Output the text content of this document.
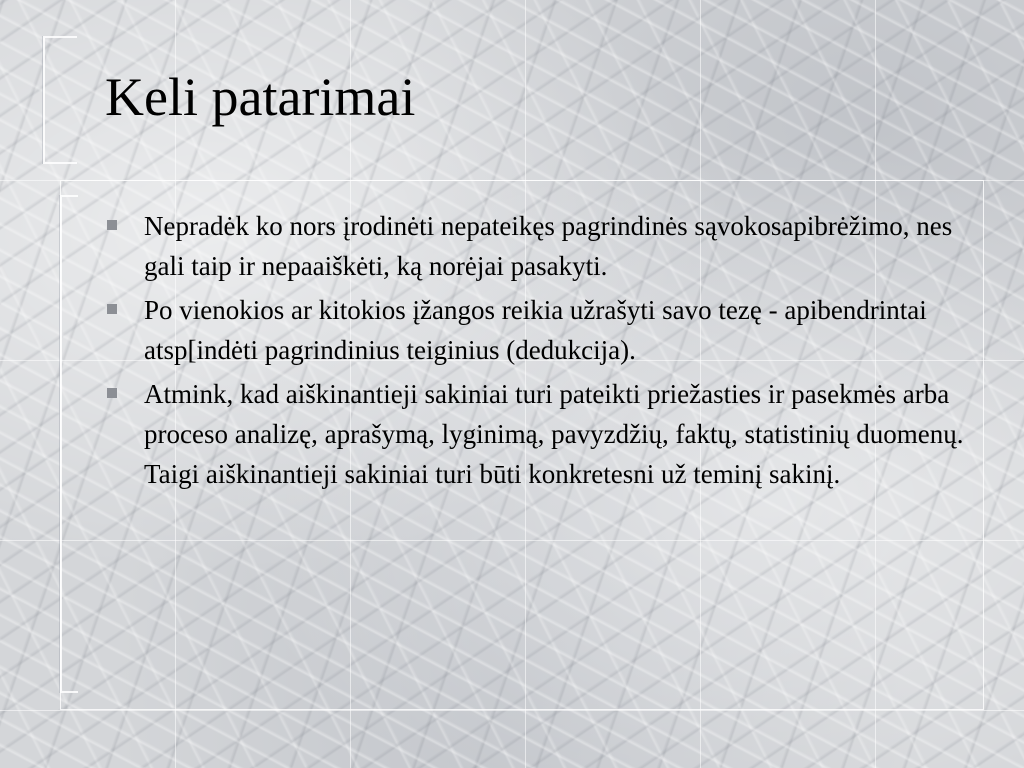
Keli patarimai
Nepradėk ko nors įrodinėti nepateikęs pagrindinės sąvokosapibrėžimo, nes gali taip ir nepaaiškėti, ką norėjai pasakyti.
Po vienokios ar kitokios įžangos reikia užrašyti savo tezę - apibendrintai atsp[indėti pagrindinius teiginius (dedukcija).
Atmink, kad aiškinantieji sakiniai turi pateikti priežasties ir pasekmės arba proceso analizę, aprašymą, lyginimą, pavyzdžių, faktų, statistinių duomenų. Taigi aiškinantieji sakiniai turi būti konkretesni už teminį sakinį.
